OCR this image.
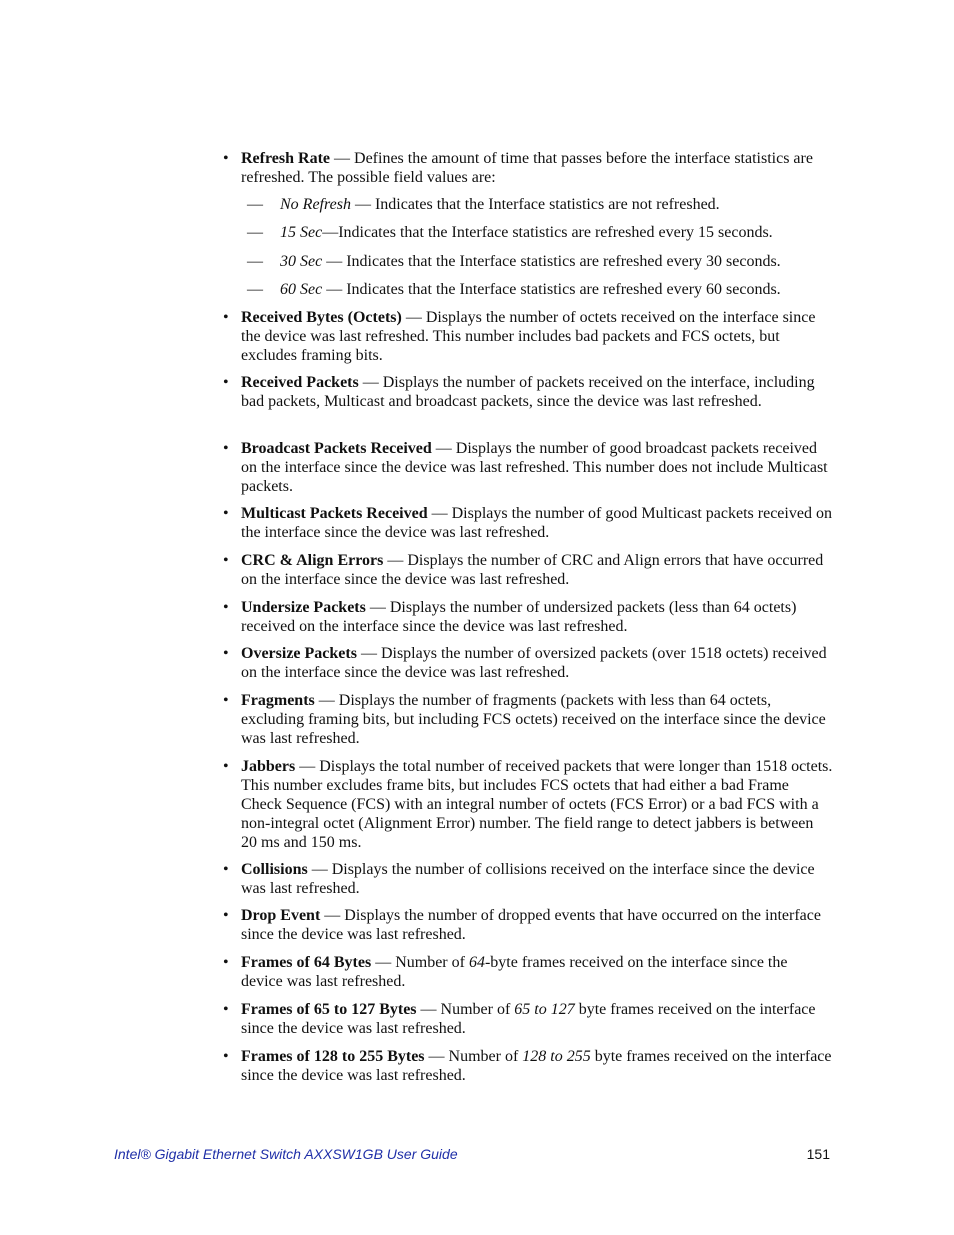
• Refresh Rate — Defines the amount of time that passes before the interface statistics are refreshed. The possible field values are:
— No Refresh — Indicates that the Interface statistics are not refreshed.
— 15 Sec—Indicates that the Interface statistics are refreshed every 15 seconds.
— 30 Sec — Indicates that the Interface statistics are refreshed every 30 seconds.
— 60 Sec — Indicates that the Interface statistics are refreshed every 60 seconds.
• Received Bytes (Octets) — Displays the number of octets received on the interface since the device was last refreshed. This number includes bad packets and FCS octets, but excludes framing bits.
• Received Packets — Displays the number of packets received on the interface, including bad packets, Multicast and broadcast packets, since the device was last refreshed.
• Broadcast Packets Received — Displays the number of good broadcast packets received on the interface since the device was last refreshed. This number does not include Multicast packets.
• Multicast Packets Received — Displays the number of good Multicast packets received on the interface since the device was last refreshed.
• CRC & Align Errors — Displays the number of CRC and Align errors that have occurred on the interface since the device was last refreshed.
• Undersize Packets — Displays the number of undersized packets (less than 64 octets) received on the interface since the device was last refreshed.
• Oversize Packets — Displays the number of oversized packets (over 1518 octets) received on the interface since the device was last refreshed.
• Fragments — Displays the number of fragments (packets with less than 64 octets, excluding framing bits, but including FCS octets) received on the interface since the device was last refreshed.
• Jabbers — Displays the total number of received packets that were longer than 1518 octets. This number excludes frame bits, but includes FCS octets that had either a bad Frame Check Sequence (FCS) with an integral number of octets (FCS Error) or a bad FCS with a non-integral octet (Alignment Error) number. The field range to detect jabbers is between 20 ms and 150 ms.
• Collisions — Displays the number of collisions received on the interface since the device was last refreshed.
• Drop Event — Displays the number of dropped events that have occurred on the interface since the device was last refreshed.
• Frames of 64 Bytes — Number of 64-byte frames received on the interface since the device was last refreshed.
• Frames of 65 to 127 Bytes — Number of 65 to 127 byte frames received on the interface since the device was last refreshed.
• Frames of 128 to 255 Bytes — Number of 128 to 255 byte frames received on the interface since the device was last refreshed.
Intel® Gigabit Ethernet Switch AXXSW1GB User Guide	151
